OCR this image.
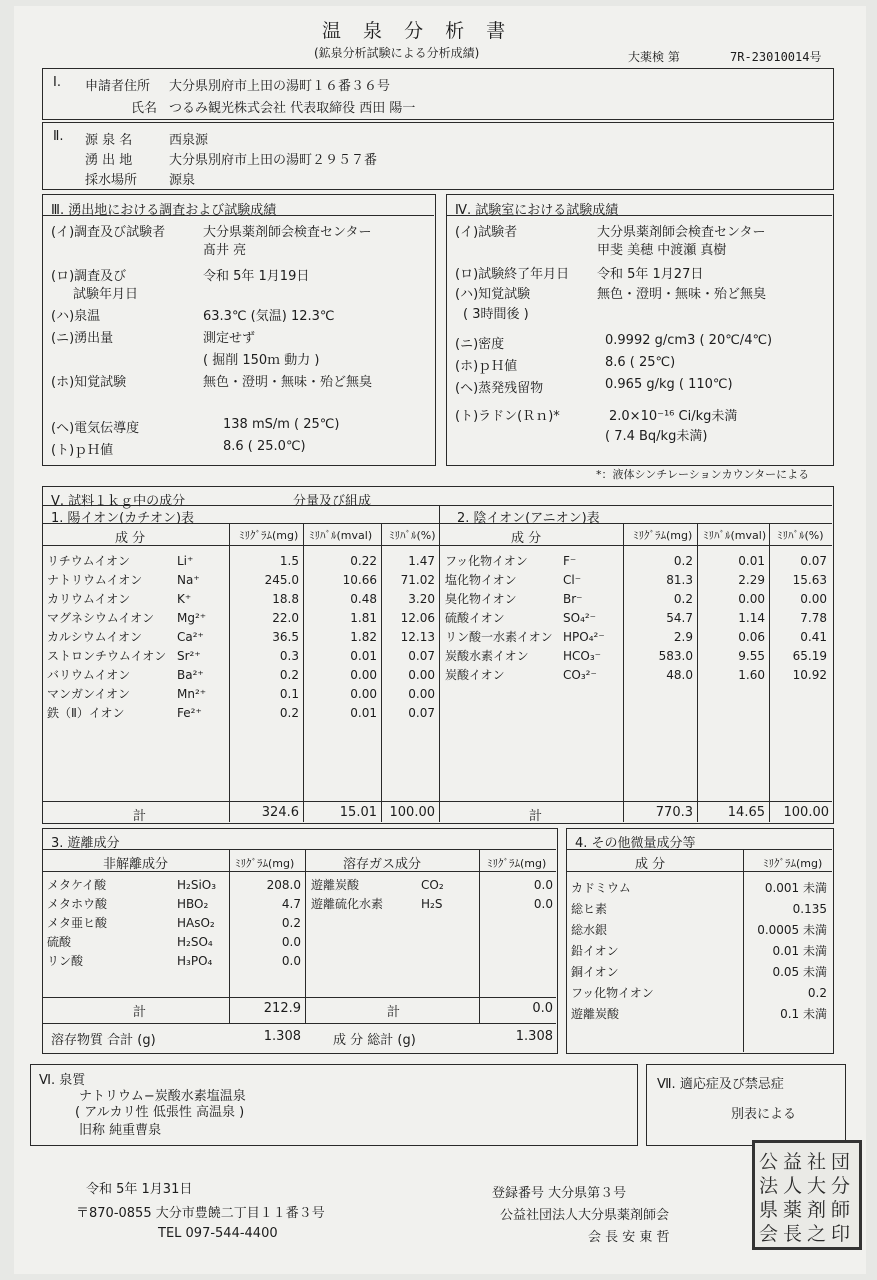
温 泉 分 析 書
(鉱泉分析試験による分析成績)	大薬検 第	7R-23010014号
Ⅰ. 申請者住所 大分県別府市上田の湯町１６番３６号
氏名 つるみ観光株式会社 代表取締役 西田 陽一
Ⅱ. 源 泉 名	西泉源
湧 出 地	大分県別府市上田の湯町２９５７番
採水場所 源泉
Ⅲ. 湧出地における調査および試験成績
(イ)調査及び試験者	大分県薬剤師会検査センター
髙井 亮
(ロ)調査及び	令和 5年 1月19日
試験年月日
(ハ)泉温	63.3℃ (気温) 12.3℃
(ニ)湧出量	測定せず
( 掘削 150ｍ 動力 )
(ホ)知覚試験	無色・澄明・無味・殆ど無臭
(ヘ)電気伝導度	138 mS/m ( 25℃)
(ト)ｐＨ値	8.6 ( 25.0℃)
Ⅳ. 試験室における試験成績
(イ)試験者	大分県薬剤師会検査センター
甲斐 美穂 中渡瀬 真樹
(ロ)試験終了年月日 令和 5年 1月27日
(ハ)知覚試験	無色・澄明・無味・殆ど無臭
( 3時間後 )
(ニ)密度	0.9992 g/cm3 ( 20℃/4℃)
(ホ)ｐＨ値	8.6 ( 25℃)
(ヘ)蒸発残留物	0.965 g/kg ( 110℃)
(ト)ラドン(Ｒｎ)*	2.0×10⁻¹⁶ Ci/kg未満
( 7.4 Bq/kg未満)
*：液体シンチレーションカウンターによる
Ⅴ. 試料１ｋｇ中の成分	分量及び組成
1. 陽イオン(カチオン)表	2. 陰イオン(アニオン)表
成 分	ﾐﾘｸﾞﾗﾑ(mg) ﾐﾘﾊﾞﾙ(mval) ﾐﾘﾊﾞﾙ(%)	成 分	ﾐﾘｸﾞﾗﾑ(mg) ﾐﾘﾊﾞﾙ(mval) ﾐﾘﾊﾞﾙ(%)
リチウムイオン	Li⁺	1.5	0.22	1.47
ナトリウムイオン	Na⁺	245.0	10.66	71.02
カリウムイオン	K⁺	18.8	0.48	3.20
マグネシウムイオン	Mg²⁺	22.0	1.81	12.06
カルシウムイオン	Ca²⁺	36.5	1.82	12.13
ストロンチウムイオン	Sr²⁺	0.3	0.01	0.07
バリウムイオン	Ba²⁺	0.2	0.00	0.00
マンガンイオン	Mn²⁺	0.1	0.00	0.00
鉄（Ⅱ）イオン	Fe²⁺	0.2	0.01	0.07
フッ化物イオン	F⁻	0.2	0.01	0.07
塩化物イオン	Cl⁻	81.3	2.29	15.63
臭化物イオン	Br⁻	0.2	0.00	0.00
硫酸イオン	SO₄²⁻	54.7	1.14	7.78
リン酸一水素イオン	HPO₄²⁻	2.9	0.06	0.41
炭酸水素イオン	HCO₃⁻	583.0	9.55	65.19
炭酸イオン	CO₃²⁻	48.0	1.60	10.92
計	324.6	15.01 100.00	計	770.3	14.65	100.00
3. 遊離成分
非解離成分	ﾐﾘｸﾞﾗﾑ(mg)	溶存ガス成分	ﾐﾘｸﾞﾗﾑ(mg)
メタケイ酸	H₂SiO₃	208.0
メタホウ酸	HBO₂	4.7
メタ亜ヒ酸	HAsO₂	0.2
硫酸	H₂SO₄	0.0
リン酸	H₃PO₄	0.0
遊離炭酸	CO₂	0.0
遊離硫化水素	H₂S	0.0
計	212.9	計	0.0
溶存物質 合計 (g)	1.308 成 分 総計 (g)	1.308
4. その他微量成分等
成 分	ﾐﾘｸﾞﾗﾑ(mg)
カドミウム	0.001 未満
総ヒ素	0.135
総水銀	0.0005 未満
鉛イオン	0.01 未満
銅イオン	0.05 未満
フッ化物イオン	0.2
遊離炭酸	0.1 未満
Ⅵ. 泉質
ナトリウム−炭酸水素塩温泉
( アルカリ性 低張性 高温泉 )
旧称 純重曹泉
Ⅶ. 適応症及び禁忌症
別表による
令和 5年 1月31日
〒870-0855 大分市豊饒二丁目１１番３号
TEL 097-544-4400
登録番号 大分県第３号
公益社団法人大分県薬剤師会
会 長 安 東 哲
公 益 社 団
法 人 大 分
県 薬 剤 師
会 長 之 印
